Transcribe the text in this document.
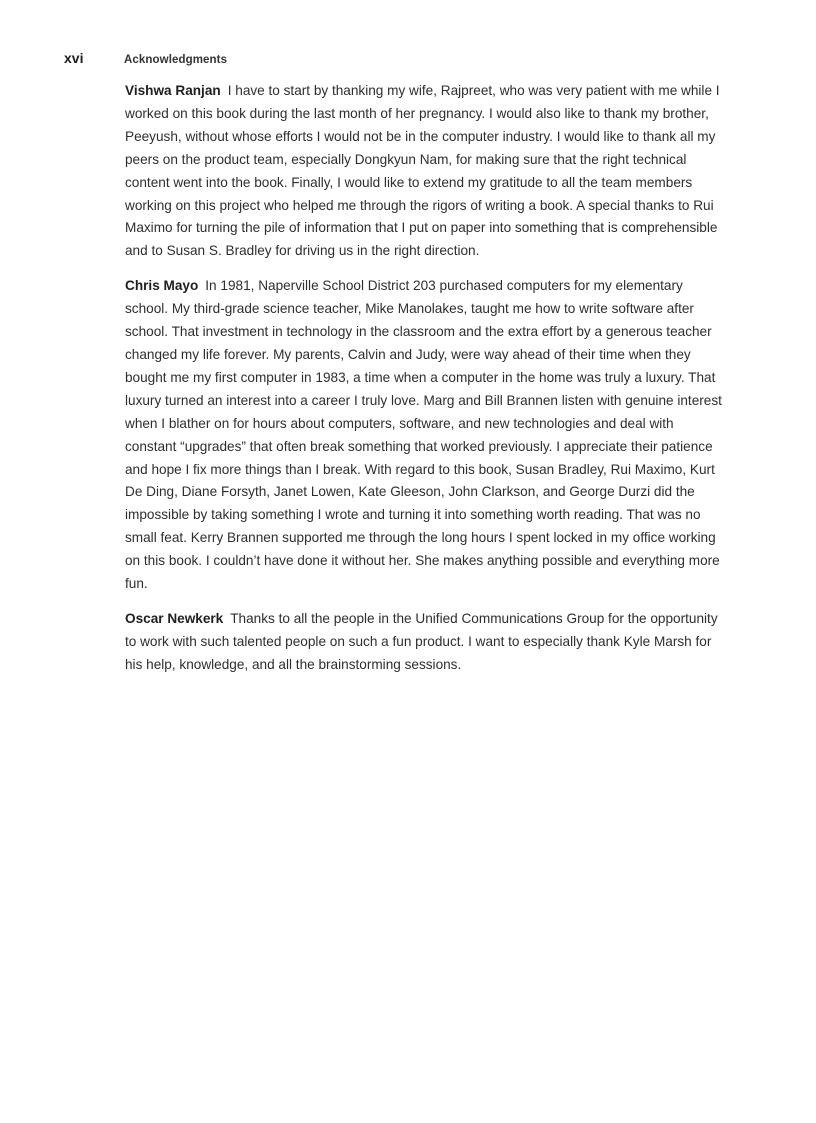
xvi	Acknowledgments

Vishwa Ranjan I have to start by thanking my wife, Rajpreet, who was very patient with me while I worked on this book during the last month of her pregnancy. I would also like to thank my brother, Peeyush, without whose efforts I would not be in the computer industry. I would like to thank all my peers on the product team, especially Dongkyun Nam, for making sure that the right technical content went into the book. Finally, I would like to extend my gratitude to all the team members working on this project who helped me through the rigors of writing a book. A special thanks to Rui Maximo for turning the pile of information that I put on paper into something that is comprehensible and to Susan S. Bradley for driving us in the right direction.

Chris Mayo In 1981, Naperville School District 203 purchased computers for my elementary school. My third-grade science teacher, Mike Manolakes, taught me how to write software after school. That investment in technology in the classroom and the extra effort by a generous teacher changed my life forever. My parents, Calvin and Judy, were way ahead of their time when they bought me my first computer in 1983, a time when a computer in the home was truly a luxury. That luxury turned an interest into a career I truly love. Marg and Bill Brannen listen with genuine interest when I blather on for hours about computers, software, and new technologies and deal with constant “upgrades” that often break something that worked previously. I appreciate their patience and hope I fix more things than I break. With regard to this book, Susan Bradley, Rui Maximo, Kurt De Ding, Diane Forsyth, Janet Lowen, Kate Gleeson, John Clarkson, and George Durzi did the impossible by taking something I wrote and turning it into something worth reading. That was no small feat. Kerry Brannen supported me through the long hours I spent locked in my office working on this book. I couldn’t have done it without her. She makes anything possible and everything more fun.

Oscar Newkerk Thanks to all the people in the Unified Communications Group for the opportunity to work with such talented people on such a fun product. I want to especially thank Kyle Marsh for his help, knowledge, and all the brainstorming sessions.
